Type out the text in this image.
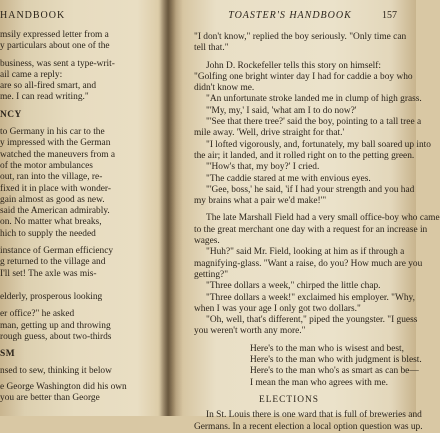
HANDBOOK
msily expressed letter from a
y particulars about one of the
business, was sent a type-writ-
ail came a reply:
are so all-fired smart, and
me. I can read writing."
NCY
to Germany in his car to the
y impressed with the German
watched the maneuvers from a
of the motor ambulances
out, ran into the village, re-
fixed it in place with wonder-
gain almost as good as new.
said the American admirably.
on. No matter what breaks,
hich to supply the needed
instance of German efficiency
g returned to the village and
I'll set! The axle was mis-
elderly, prosperous looking
er office?" he asked
man, getting up and throwing
rough guess, about two-thirds
SM
nsed to sew, thinking it below
e George Washington did his own
you are better than George
TOASTER'S HANDBOOK	157
"I don't know," replied the boy seriously. "Only time can
tell that."
John D. Rockefeller tells this story on himself:
"Golfing one bright winter day I had for caddie a boy who
didn't know me.
"An unfortunate stroke landed me in clump of high grass.
"'My, my,' I said, 'what am I to do now?'
"'See that there tree?' said the boy, pointing to a tall tree a
mile away. 'Well, drive straight for that.'
"I lofted vigorously, and, fortunately, my ball soared up into
the air; it landed, and it rolled right on to the petting green.
"'How's that, my boy?' I cried.
"The caddie stared at me with envious eyes.
"'Gee, boss,' he said, 'if I had your strength and you had
my brains what a pair we'd make!'"
The late Marshall Field had a very small office-boy who came
to the great merchant one day with a request for an increase in
wages.
"Huh?" said Mr. Field, looking at him as if through a
magnifying-glass. "Want a raise, do you? How much are you
getting?"
"Three dollars a week," chirped the little chap.
"Three dollars a week!" exclaimed his employer. "Why,
when I was your age I only got two dollars."
"Oh, well, that's different," piped the youngster. "I guess
you weren't worth any more."
Here's to the man who is wisest and best,
Here's to the man who with judgment is blest.
Here's to the man who's as smart as can be—
I mean the man who agrees with me.
ELECTIONS
In St. Louis there is one ward that is full of breweries and
Germans. In a recent election a local option question was up.
